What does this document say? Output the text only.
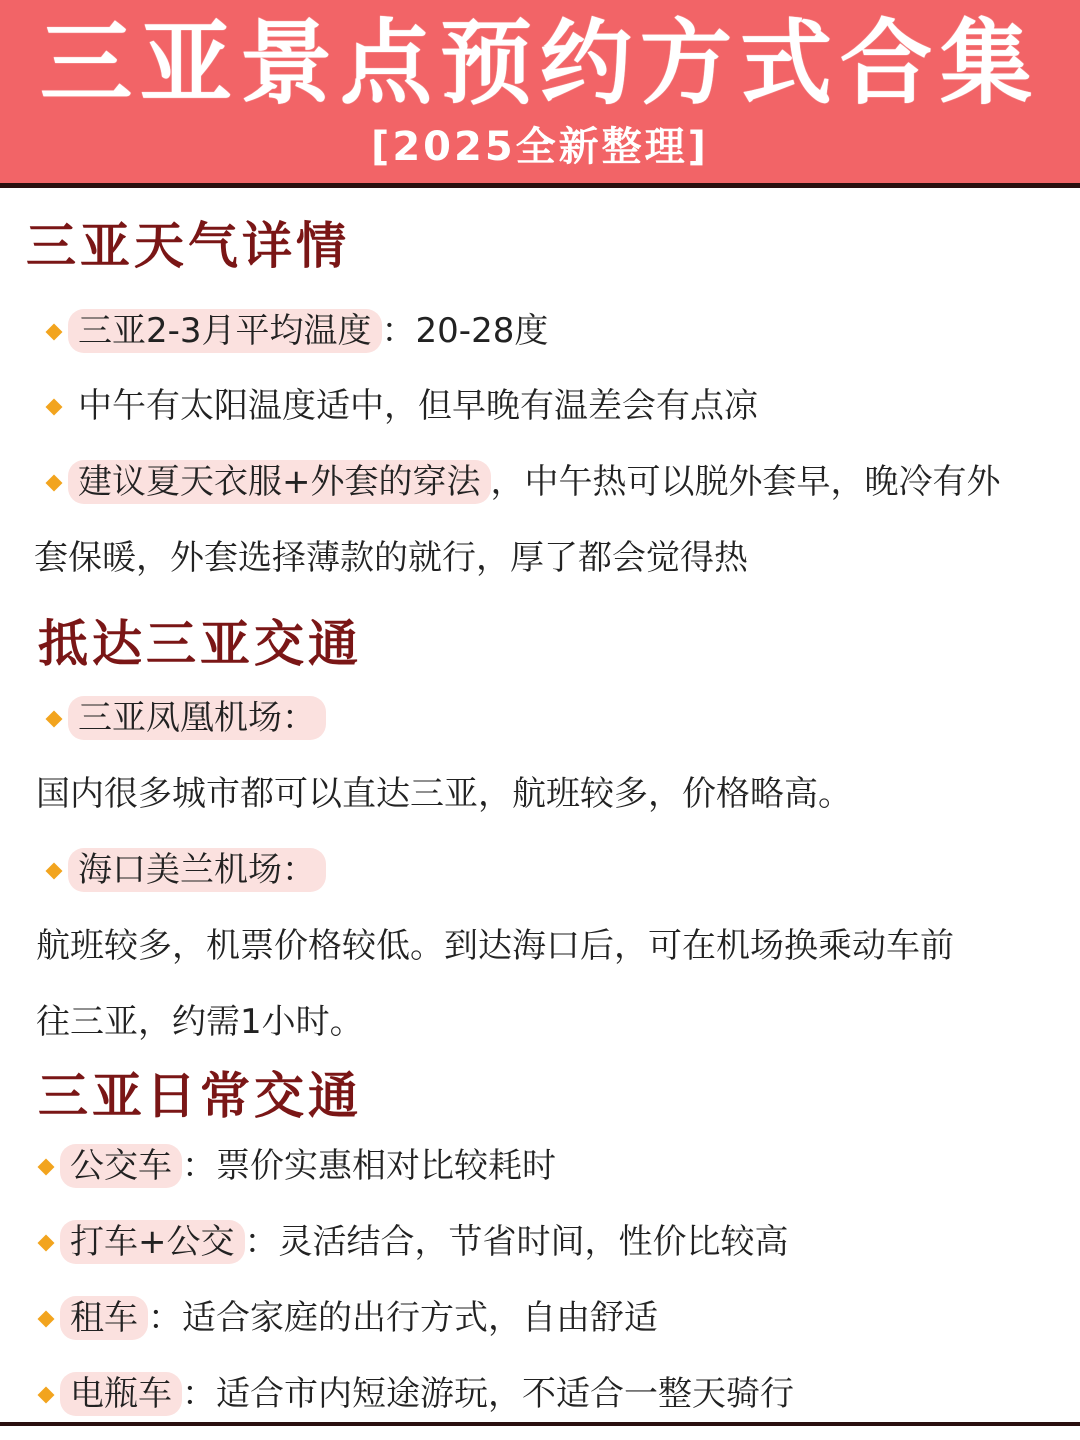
三亚景点预约方式合集
[2025全新整理]
三亚天气详情
三亚2-3月平均温度 ：20-28度
中午有太阳温度适中，但早晚有温差会有点凉
建议夏天衣服+外套的穿法 ，中午热可以脱外套早，晚冷有外
套保暖，外套选择薄款的就行，厚了都会觉得热
抵达三亚交通
三亚凤凰机场：
国内很多城市都可以直达三亚，航班较多，价格略高。
海口美兰机场：
航班较多，机票价格较低。到达海口后，可在机场换乘动车前
往三亚，约需1小时。
三亚日常交通
公交车 ：票价实惠相对比较耗时
打车+公交 ：灵活结合，节省时间，性价比较高
租车 ：适合家庭的出行方式，自由舒适
电瓶车 ：适合市内短途游玩，不适合一整天骑行
